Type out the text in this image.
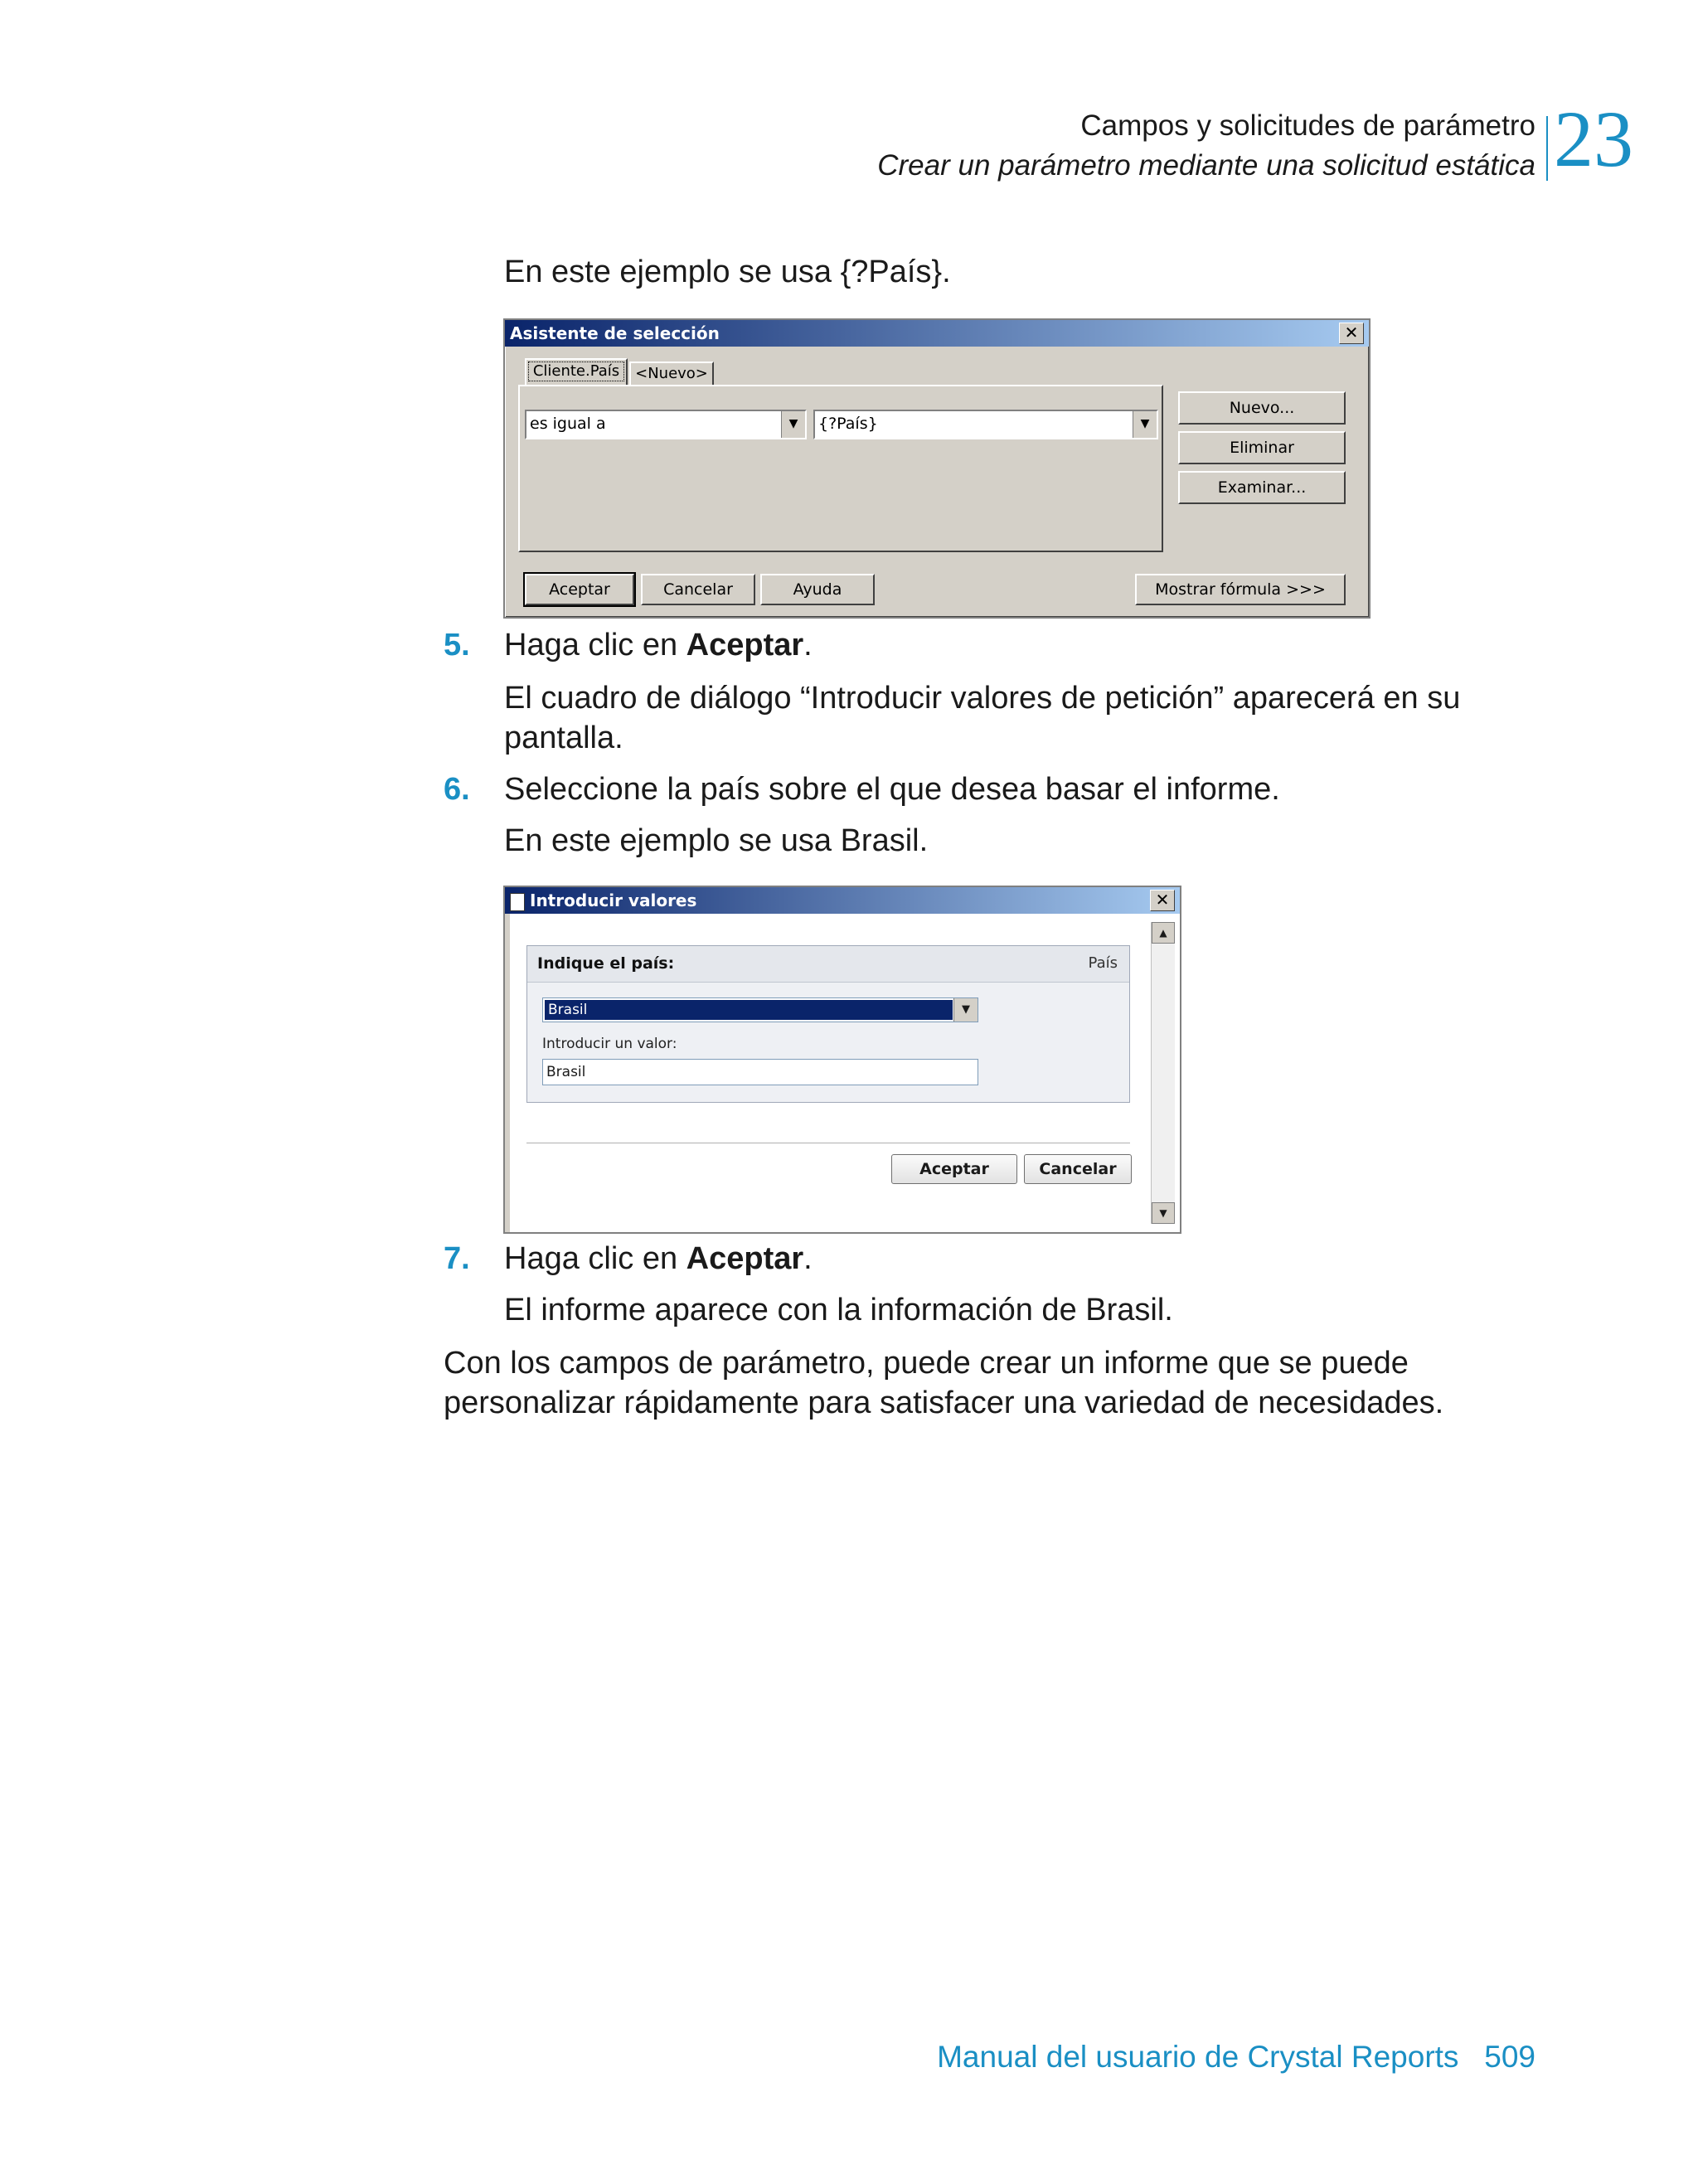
Campos y solicitudes de parámetro
Crear un parámetro mediante una solicitud estática 23
En este ejemplo se usa {?País}.
Asistente de selección	✕
Cliente.País	<Nuevo>
es igual a	▼	{?País}	▼
Nuevo...
Eliminar
Examinar...
Aceptar	Cancelar	Ayuda	Mostrar fórmula >>>
5. Haga clic en Aceptar.
El cuadro de diálogo “Introducir valores de petición” aparecerá en su
pantalla.
6. Seleccione la país sobre el que desea basar el informe.
En este ejemplo se usa Brasil.
Introducir valores	✕
▲
▼
Indique el país:	País
Brasil	▼
Introducir un valor:
Brasil
Aceptar	Cancelar
7. Haga clic en Aceptar.
El informe aparece con la información de Brasil.
Con los campos de parámetro, puede crear un informe que se puede
personalizar rápidamente para satisfacer una variedad de necesidades.
Manual del usuario de Crystal Reports 509
